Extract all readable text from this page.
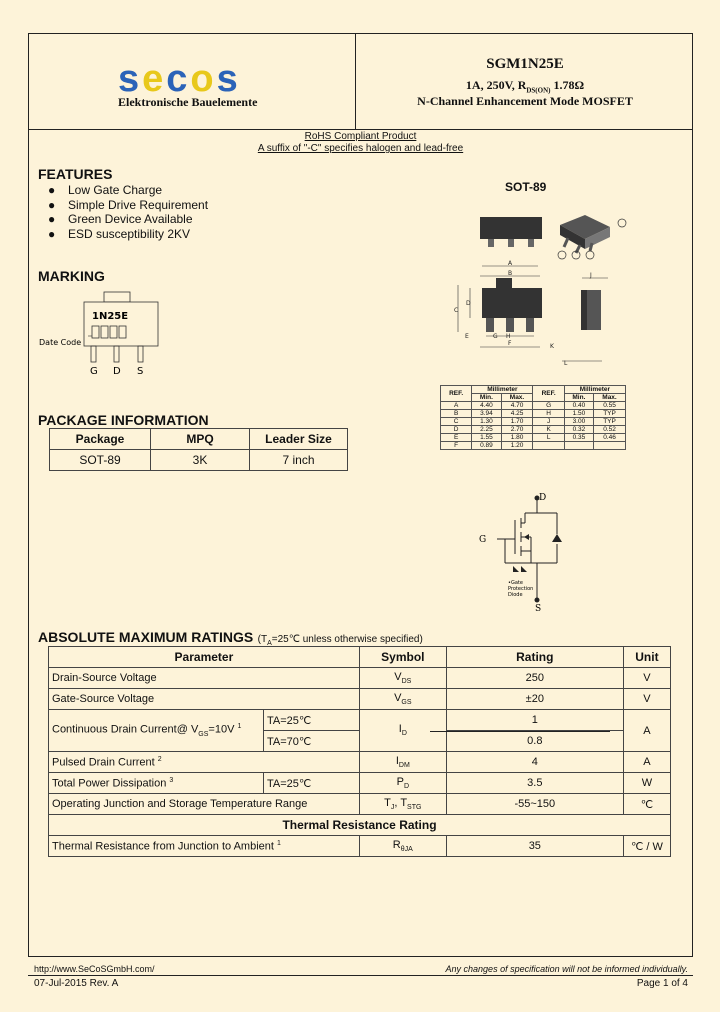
secos
Elektronische Bauelemente
SGM1N25E
1A, 250V, $R_{DS(ON)}$ 1.78Ω
N-Channel Enhancement Mode MOSFET
RoHS Compliant Product
A suffix of "-C" specifies halogen and lead-free
FEATURES
●	Low Gate Charge
●	Simple Drive Requirement
●	Green Device Available
●	ESD susceptibility 2KV
SOT-89
A
B
C
D
E
F
G H
J
K
L
REF.	Millimeter		REF.	Millimeter	
	Min.	Max.		Min.	Max.
A	4.40	4.70	G	0.40	0.55
B	3.94	4.25	H	1.50	TYP
C	1.30	1.70	J	3.00	TYP
D	2.25	2.70	K	0.32	0.52
E	1.55	1.80	L	0.35	0.46
F	0.89	1.20			
MARKING
1N25E
Date Code
G D S
PACKAGE INFORMATION
Package	MPQ	Leader Size
SOT-89	3K	7 inch
D
G
S
•Gate
Protection
Diode
ABSOLUTE MAXIMUM RATINGS ($T_A=25℃$ unless otherwise specified)
Parameter		Symbol	Rating	Unit
Drain-Source Voltage		$V_{DS}$	250	V
Gate-Source Voltage		$V_{GS}$	±20	V
Continuous Drain Current@ $V_{GS}=10V$ $^1$	TA=25℃	$I_D$	1	A
	TA=70℃		0.8	
Pulsed Drain Current $^2$		$I_{DM}$	4	A
Total Power Dissipation $^3$	TA=25℃	$P_D$	3.5	W
Operating Junction and Storage Temperature Range		$T_J$, $T_{STG}$	-55~150	℃
Thermal Resistance Rating				
Thermal Resistance from Junction to Ambient $^1$		$R_{\theta JA}$	35	℃ / W
http://www.SeCoSGmbH.com/	Any changes of specification will not be informed individually.
07-Jul-2015 Rev. A	Page 1 of 4
